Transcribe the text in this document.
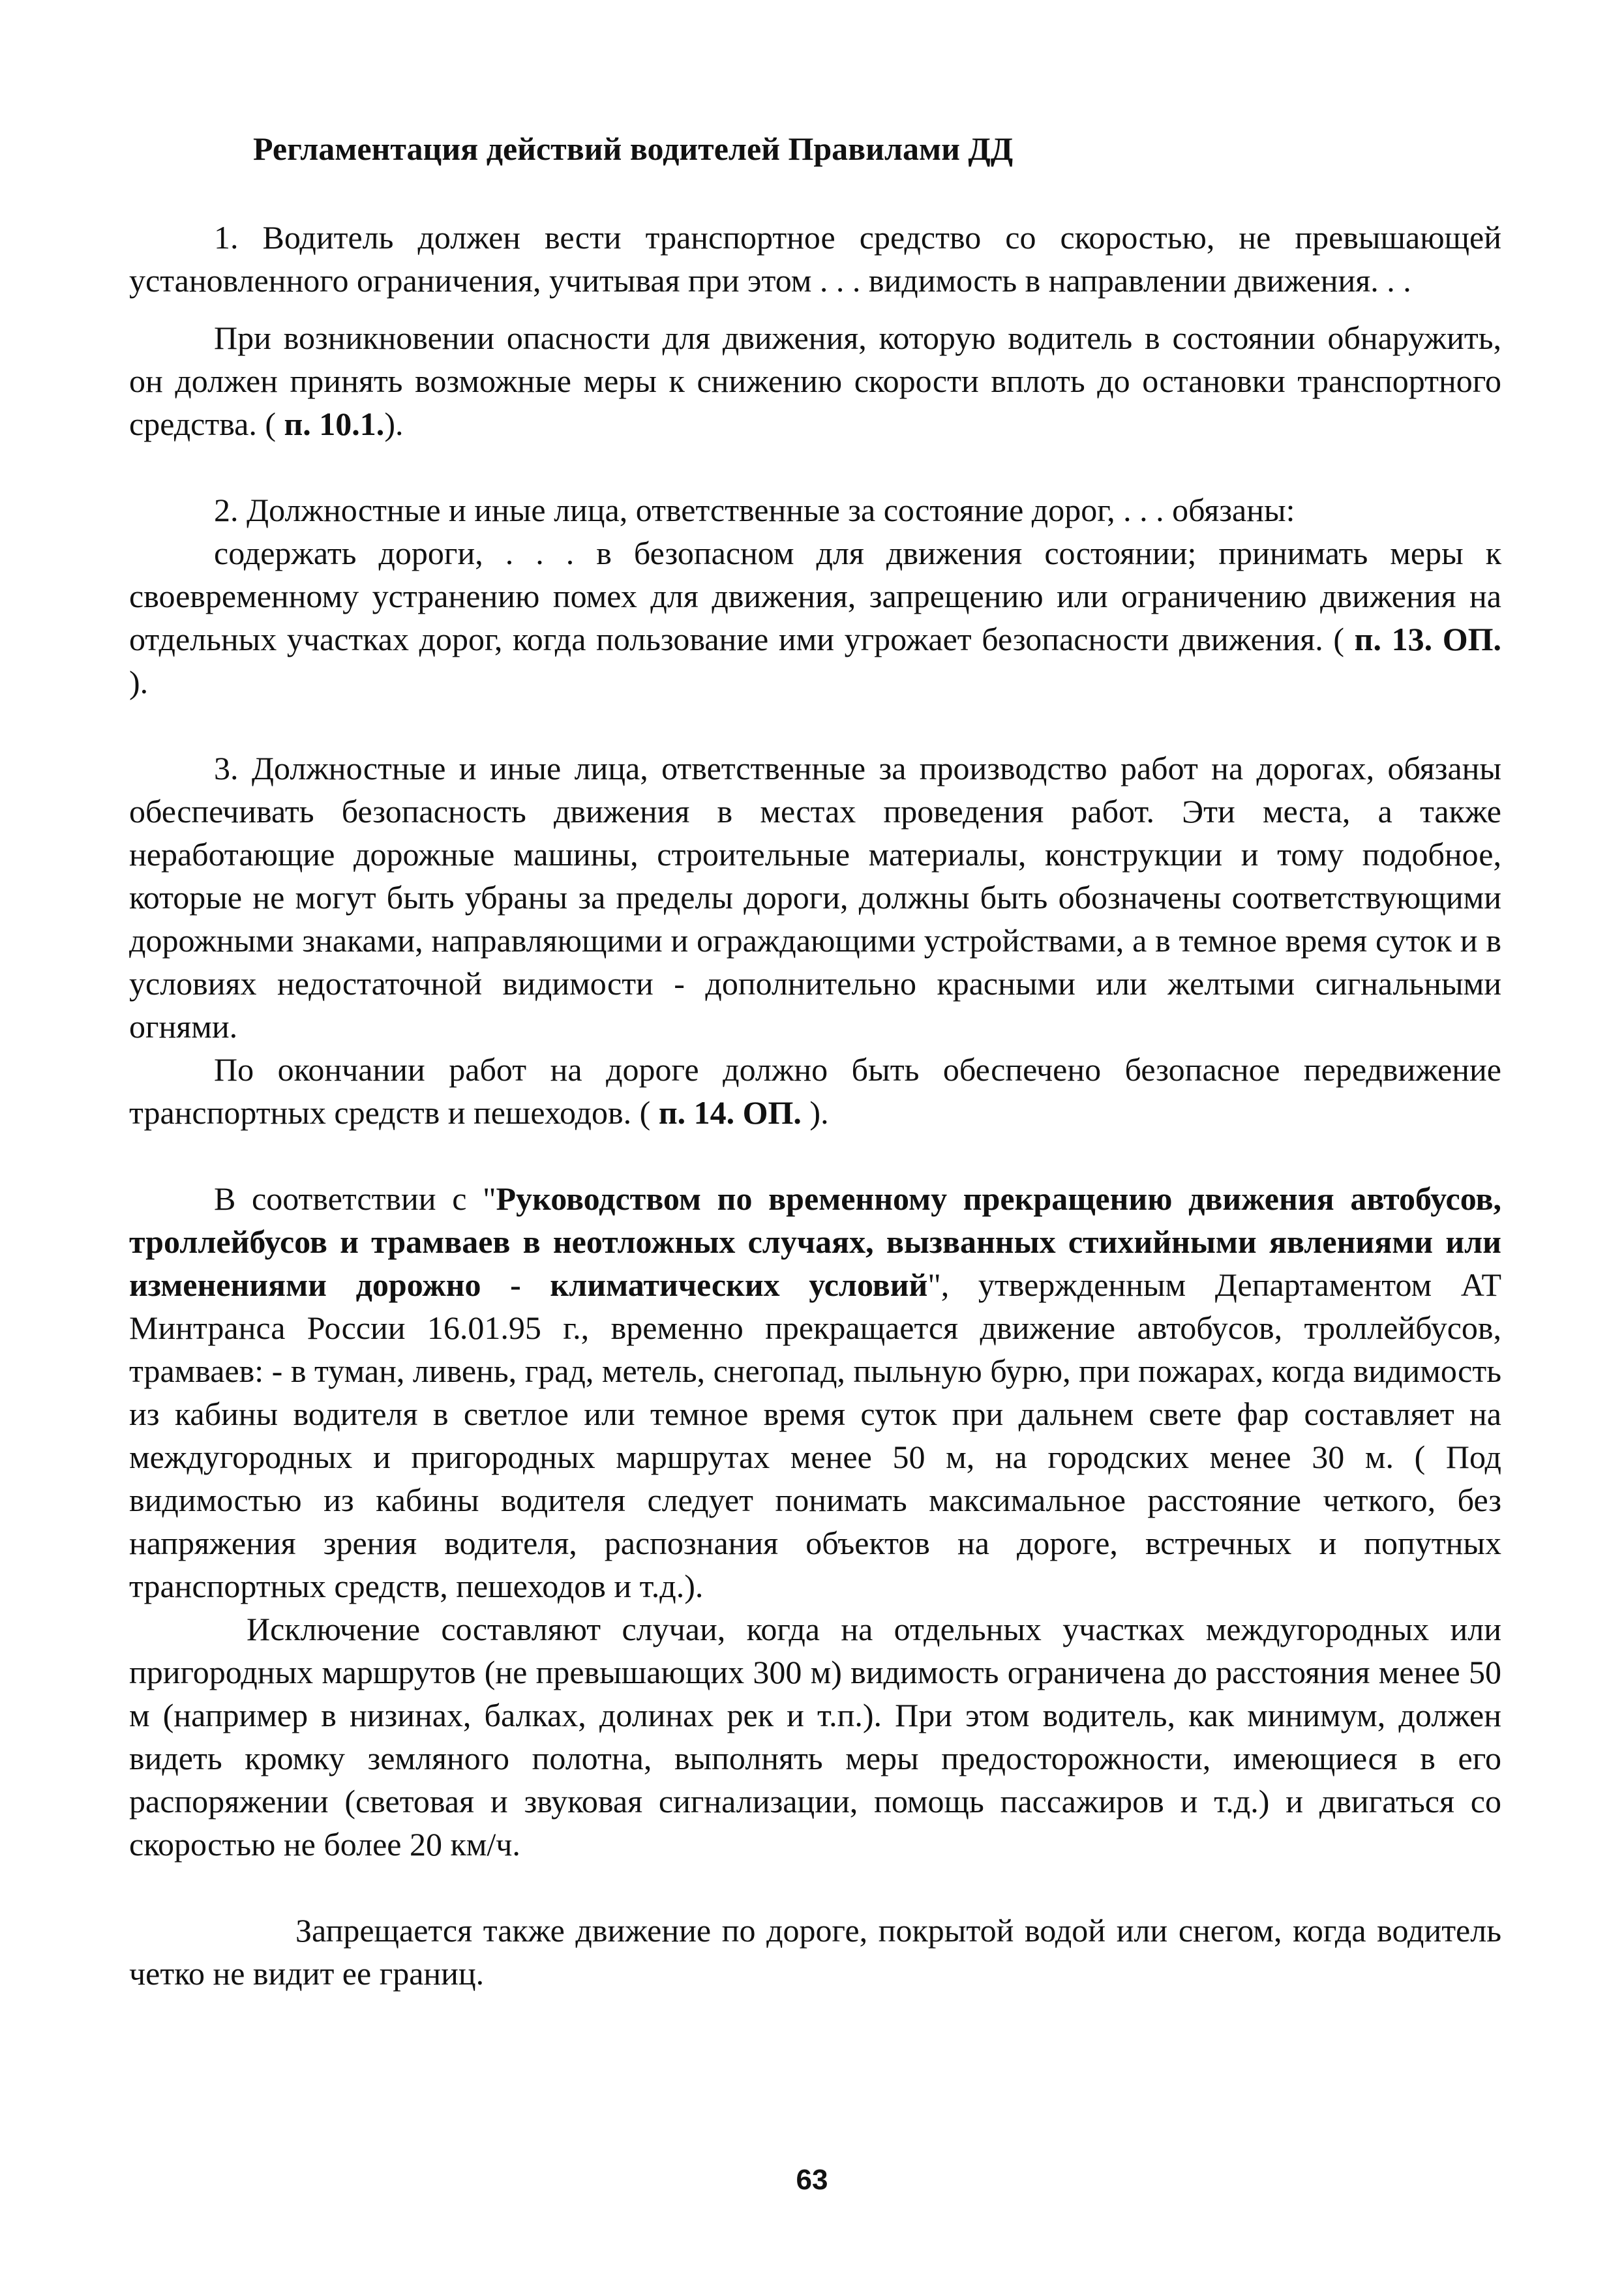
Регламентация действий водителей Правилами ДД

1. Водитель должен вести транспортное средство со скоростью, не превышающей установленного ограничения, учитывая при этом . . . видимость в направлении движения. . .

При возникновении опасности для движения, которую водитель в состоянии обнаружить, он должен принять возможные меры к снижению скорости вплоть до остановки транспортного средства. ( п. 10.1.).

2. Должностные и иные лица, ответственные за состояние дорог, . . . обязаны:

содержать дороги, . . . в безопасном для движения состоянии; принимать меры к своевременному устранению помех для движения, запрещению или ограничению движения на отдельных участках дорог, когда пользование ими угрожает безопасности движения. ( п. 13. ОП. ).

3. Должностные и иные лица, ответственные за производство работ на дорогах, обязаны обеспечивать безопасность движения в местах проведения работ. Эти места, а также неработающие дорожные машины, строительные материалы, конструкции и тому подобное, которые не могут быть убраны за пределы дороги, должны быть обозначены соответствующими дорожными знаками, направляющими и ограждающими устройствами, а в темное время суток и в условиях недостаточной видимости - дополнительно красными или желтыми сигнальными огнями.

По окончании работ на дороге должно быть обеспечено безопасное передвижение транспортных средств и пешеходов. ( п. 14. ОП. ).

В соответствии с "Руководством по временному прекращению движения автобусов, троллейбусов и трамваев в неотложных случаях, вызванных стихийными явлениями или изменениями дорожно - климатических условий", утвержденным Департаментом АТ Минтранса России 16.01.95 г., временно прекращается движение автобусов, троллейбусов, трамваев: - в туман, ливень, град, метель, снегопад, пыльную бурю, при пожарах, когда видимость из кабины водителя в светлое или темное время суток при дальнем свете фар составляет на междугородных и пригородных маршрутах менее 50 м, на городских менее 30 м. ( Под видимостью из кабины водителя следует понимать максимальное расстояние четкого, без напряжения зрения водителя, распознания объектов на дороге, встречных и попутных транспортных средств, пешеходов и т.д.).

Исключение составляют случаи, когда на отдельных участках междугородных или пригородных маршрутов (не превышающих 300 м) видимость ограничена до расстояния менее 50 м (например в низинах, балках, долинах рек и т.п.). При этом водитель, как минимум, должен видеть кромку земляного полотна, выполнять меры предосторожности, имеющиеся в его распоряжении (световая и звуковая сигнализации, помощь пассажиров и т.д.) и двигаться со скоростью не более 20 км/ч.

Запрещается также движение по дороге, покрытой водой или снегом, когда водитель четко не видит ее границ.

63
